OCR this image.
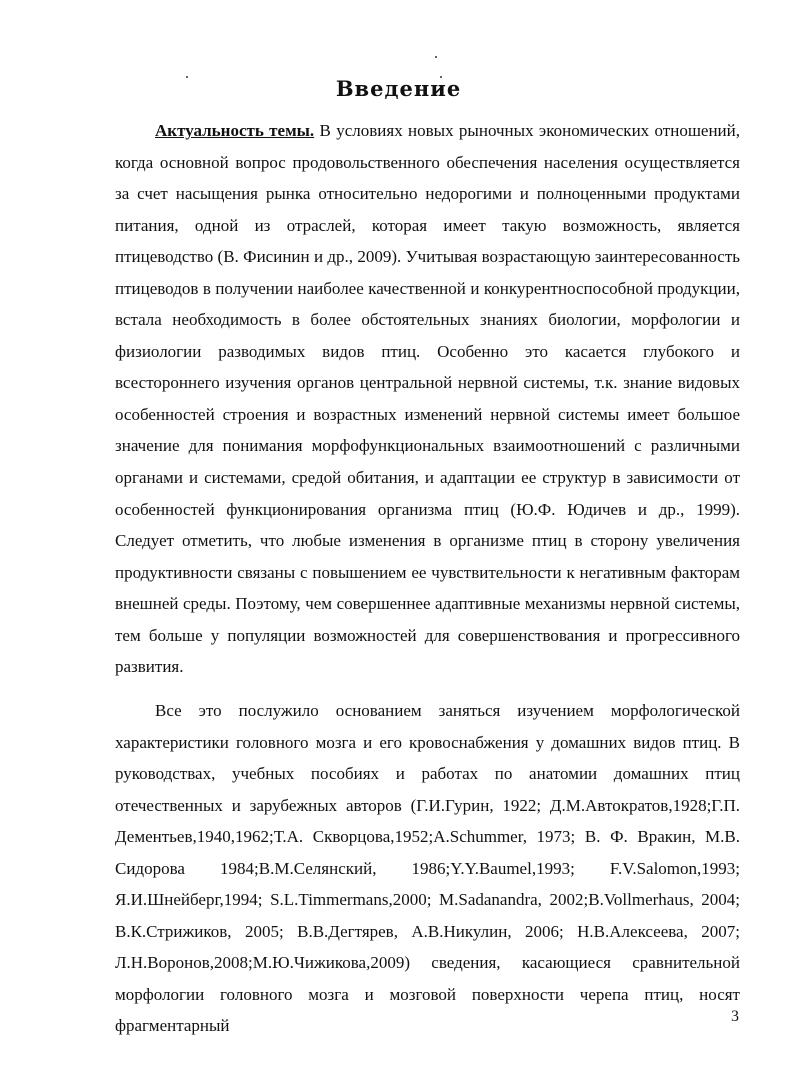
Введение

Актуальность темы. В условиях новых рыночных экономических отношений, когда основной вопрос продовольственного обеспечения населения осуществляется за счет насыщения рынка относительно недорогими и полноценными продуктами питания, одной из отраслей, которая имеет такую возможность, является птицеводство (В. Фисинин и др., 2009). Учитывая возрастающую заинтересованность птицеводов в получении наиболее качественной и конкурентноспособной продукции, встала необходимость в более обстоятельных знаниях биологии, морфологии и физиологии разводимых видов птиц. Особенно это касается глубокого и всестороннего изучения органов центральной нервной системы, т.к. знание видовых особенностей строения и возрастных изменений нервной системы имеет большое значение для понимания морфофункциональных взаимоотношений с различными органами и системами, средой обитания, и адаптации ее структур в зависимости от особенностей функционирования организма птиц (Ю.Ф. Юдичев и др., 1999). Следует отметить, что любые изменения в организме птиц в сторону увеличения продуктивности связаны с повышением ее чувствительности к негативным факторам внешней среды. Поэтому, чем совершеннее адаптивные механизмы нервной системы, тем больше у популяции возможностей для совершенствования и прогрессивного развития.

Все это послужило основанием заняться изучением морфологической характеристики головного мозга и его кровоснабжения у домашних видов птиц. В руководствах, учебных пособиях и работах по анатомии домашних птиц отечественных и зарубежных авторов (Г.И.Гурин, 1922; Д.М.Автократов,1928;Г.П. Дементьев,1940,1962;Т.А. Скворцова,1952;A.Schummer, 1973; В. Ф. Вракин, М.В. Сидорова 1984;В.М.Селянский, 1986;Y.Y.Baumel,1993; F.V.Salomon,1993; Я.И.Шнейберг,1994; S.L.Timmermans,2000; M.Sadanandra, 2002;B.Vollmerhaus, 2004; В.К.Стрижиков, 2005; В.В.Дегтярев, А.В.Никулин, 2006; Н.В.Алексеева, 2007; Л.Н.Воронов,2008;М.Ю.Чижикова,2009) сведения, касающиеся сравнительной морфологии головного мозга и мозговой поверхности черепа птиц, носят фрагментарный	3
